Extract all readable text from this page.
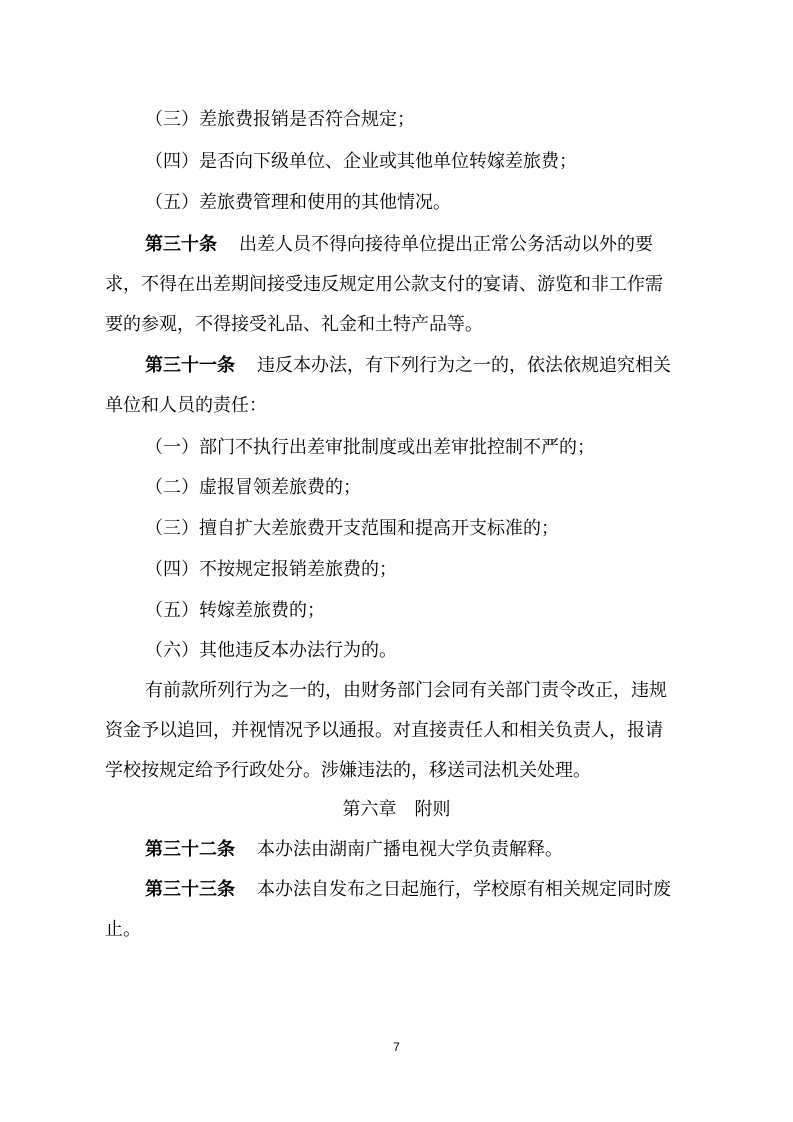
（三）差旅费报销是否符合规定；
（四）是否向下级单位、企业或其他单位转嫁差旅费；
（五）差旅费管理和使用的其他情况。
第三十条 出差人员不得向接待单位提出正常公务活动以外的要
求，不得在出差期间接受违反规定用公款支付的宴请、游览和非工作需
要的参观，不得接受礼品、礼金和土特产品等。
第三十一条 违反本办法，有下列行为之一的，依法依规追究相关
单位和人员的责任：
（一）部门不执行出差审批制度或出差审批控制不严的；
（二）虚报冒领差旅费的；
（三）擅自扩大差旅费开支范围和提高开支标准的；
（四）不按规定报销差旅费的；
（五）转嫁差旅费的；
（六）其他违反本办法行为的。
有前款所列行为之一的，由财务部门会同有关部门责令改正，违规
资金予以追回，并视情况予以通报。对直接责任人和相关负责人，报请
学校按规定给予行政处分。涉嫌违法的，移送司法机关处理。
第六章　附则
第三十二条 本办法由湖南广播电视大学负责解释。
第三十三条 本办法自发布之日起施行，学校原有相关规定同时废
止。
7
